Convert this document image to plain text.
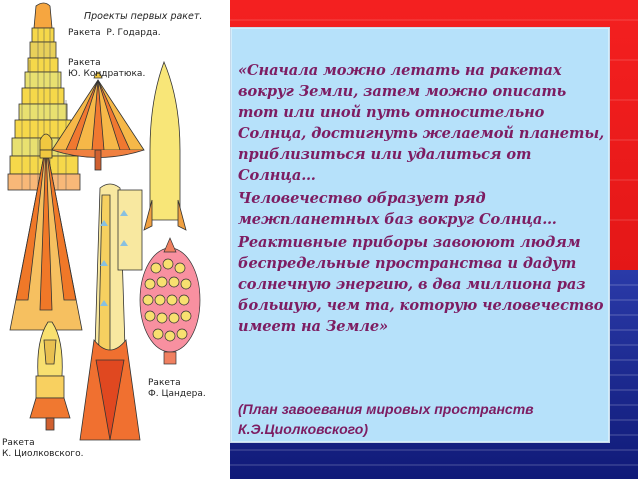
Проекты первых ракет.
Ракета  Р. Годарда.
Ракета
Ю. Кондратюка.
Ракета
Ф. Цандера.
Ракета
К. Циолковского.

«Сначала можно летать на ракетах вокруг Земли, затем можно описать тот или иной путь относительно Солнца, достигнуть желаемой планеты, приблизиться или удалиться от Солнца…

Человечество образует ряд межпланетных баз вокруг Солнца…

Реактивные приборы завоюют людям беспредельные пространства и дадут солнечную энергию, в два миллиона раз большую, чем та, которую человечество имеет на Земле»

(План завоевания мировых пространств К.Э.Циолковского)
